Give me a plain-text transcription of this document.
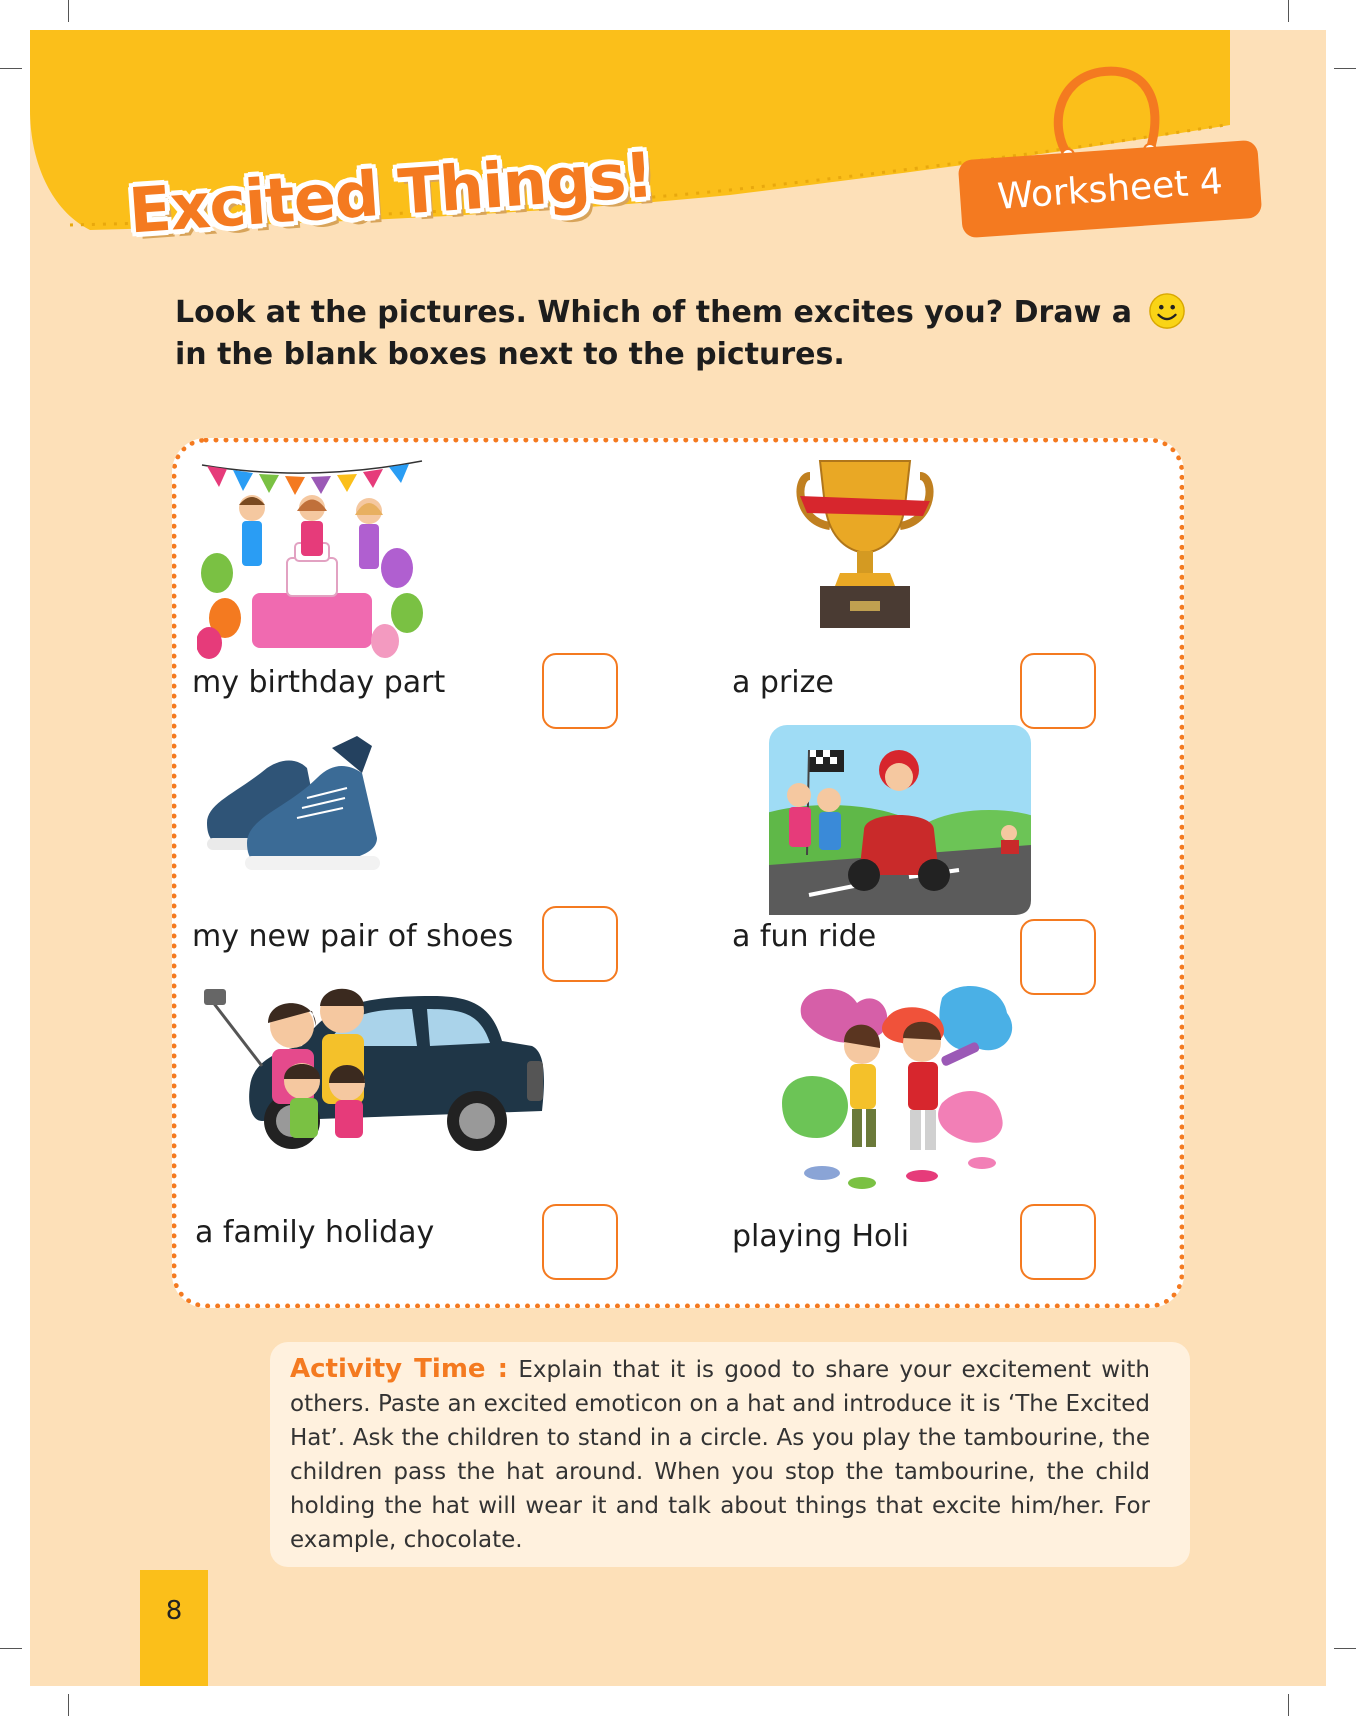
Worksheet 4
Excited Things!
Look at the pictures. Which of them excites you? Draw a
in the blank boxes next to the pictures.
my birthday part	a prize
my new pair of shoes	a fun ride
a family holiday	playing Holi
Activity Time : Explain that it is good to share your excitement with others. Paste an excited emoticon on a hat and introduce it is ‘The Excited Hat’. Ask the children to stand in a circle. As you play the tambourine, the children pass the hat around. When you stop the tambourine, the child holding the hat will wear it and talk about things that excite him/her. For example, chocolate.
8
